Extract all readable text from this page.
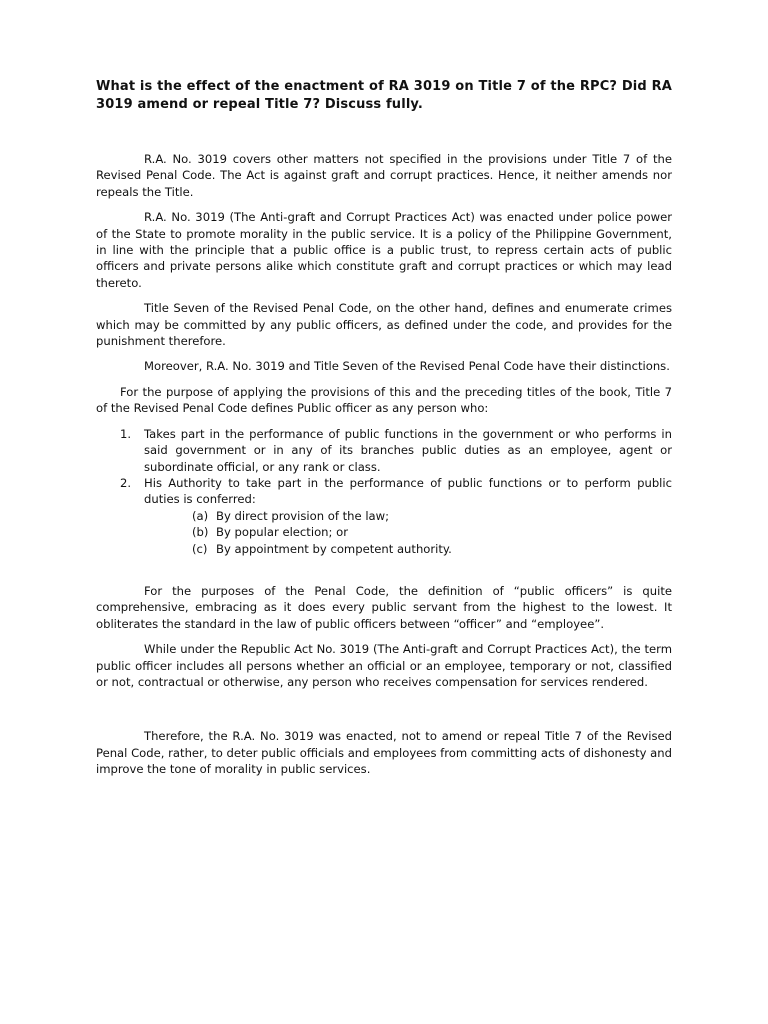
What is the effect of the enactment of RA 3019 on Title 7 of the RPC? Did RA 3019 amend or repeal Title 7? Discuss fully.

R.A. No. 3019 covers other matters not specified in the provisions under Title 7 of the Revised Penal Code. The Act is against graft and corrupt practices. Hence, it neither amends nor repeals the Title.

R.A. No. 3019 (The Anti-graft and Corrupt Practices Act) was enacted under police power of the State to promote morality in the public service. It is a policy of the Philippine Government, in line with the principle that a public office is a public trust, to repress certain acts of public officers and private persons alike which constitute graft and corrupt practices or which may lead thereto.

Title Seven of the Revised Penal Code, on the other hand, defines and enumerate crimes which may be committed by any public officers, as defined under the code, and provides for the punishment therefore.

Moreover, R.A. No. 3019 and Title Seven of the Revised Penal Code have their distinctions.

For the purpose of applying the provisions of this and the preceding titles of the book, Title 7 of the Revised Penal Code defines Public officer as any person who:

1. Takes part in the performance of public functions in the government or who performs in said government or in any of its branches public duties as an employee, agent or subordinate official, or any rank or class.
2. His Authority to take part in the performance of public functions or to perform public duties is conferred:
(a) By direct provision of the law;
(b) By popular election; or
(c) By appointment by competent authority.

For the purposes of the Penal Code, the definition of “public officers” is quite comprehensive, embracing as it does every public servant from the highest to the lowest. It obliterates the standard in the law of public officers between “officer” and “employee”.

While under the Republic Act No. 3019 (The Anti-graft and Corrupt Practices Act), the term public officer includes all persons whether an official or an employee, temporary or not, classified or not, contractual or otherwise, any person who receives compensation for services rendered.

Therefore, the R.A. No. 3019 was enacted, not to amend or repeal Title 7 of the Revised Penal Code, rather, to deter public officials and employees from committing acts of dishonesty and improve the tone of morality in public services.
